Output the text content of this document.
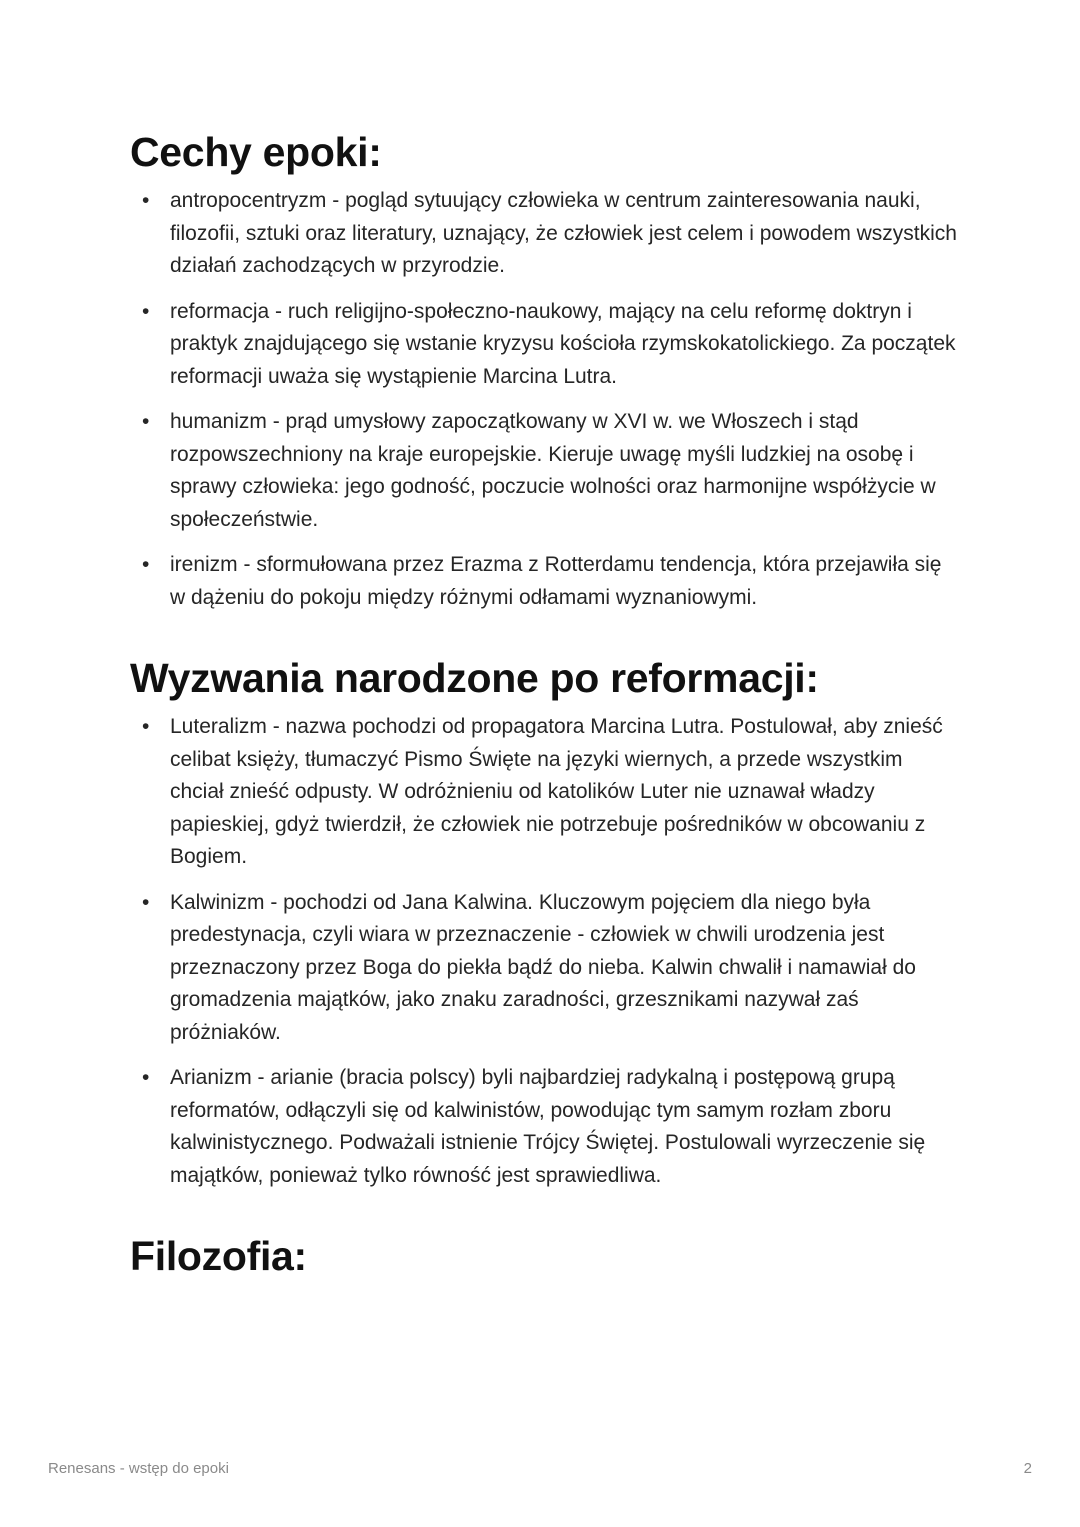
Cechy epoki:
• antropocentryzm - pogląd sytuujący człowieka w centrum zainteresowania nauki, filozofii, sztuki oraz literatury, uznający, że człowiek jest celem i powodem wszystkich działań zachodzących w przyrodzie.
• reformacja - ruch religijno-społeczno-naukowy, mający na celu reformę doktryn i praktyk znajdującego się wstanie kryzysu kościoła rzymskokatolickiego. Za początek reformacji uważa się wystąpienie Marcina Lutra.
• humanizm - prąd umysłowy zapoczątkowany w XVI w. we Włoszech i stąd rozpowszechniony na kraje europejskie. Kieruje uwagę myśli ludzkiej na osobę i sprawy człowieka: jego godność, poczucie wolności oraz harmonijne współżycie w społeczeństwie.
• irenizm - sformułowana przez Erazma z Rotterdamu tendencja, która przejawiła się w dążeniu do pokoju między różnymi odłamami wyznaniowymi.
Wyzwania narodzone po reformacji:
• Luteralizm - nazwa pochodzi od propagatora Marcina Lutra. Postulował, aby znieść celibat księży, tłumaczyć Pismo Święte na języki wiernych, a przede wszystkim chciał znieść odpusty. W odróżnieniu od katolików Luter nie uznawał władzy papieskiej, gdyż twierdził, że człowiek nie potrzebuje pośredników w obcowaniu z Bogiem.
• Kalwinizm - pochodzi od Jana Kalwina. Kluczowym pojęciem dla niego była predestynacja, czyli wiara w przeznaczenie - człowiek w chwili urodzenia jest przeznaczony przez Boga do piekła bądź do nieba. Kalwin chwalił i namawiał do gromadzenia majątków, jako znaku zaradności, grzesznikami nazywał zaś próżniaków.
• Arianizm - arianie (bracia polscy) byli najbardziej radykalną i postępową grupą reformatów, odłączyli się od kalwinistów, powodując tym samym rozłam zboru kalwinistycznego. Podważali istnienie Trójcy Świętej. Postulowali wyrzeczenie się majątków, ponieważ tylko równość jest sprawiedliwa.
Filozofia:
Renesans - wstęp do epoki	2
